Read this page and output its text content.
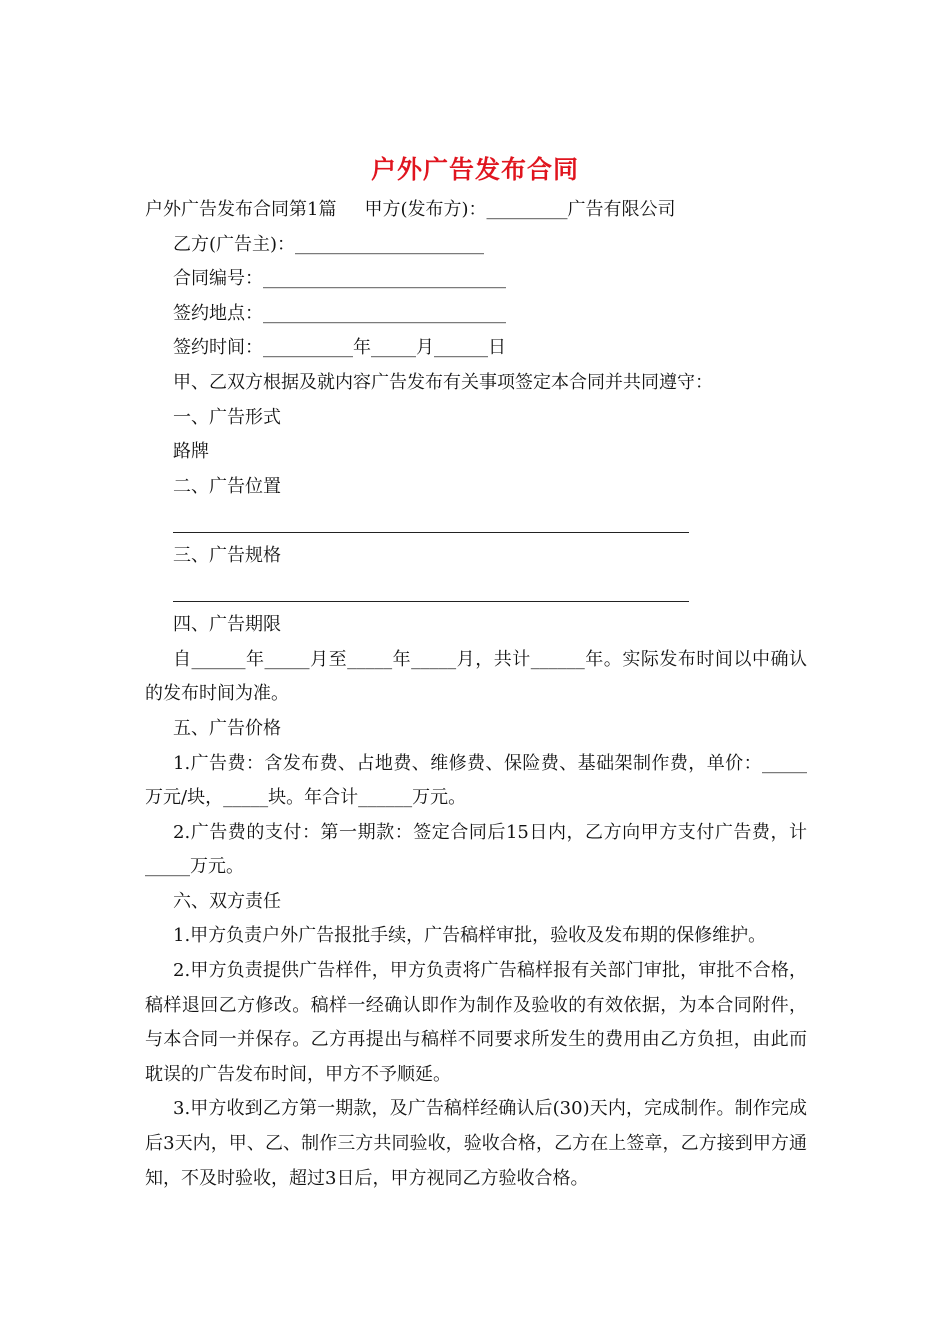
户外广告发布合同
户外广告发布合同第1篇 甲方(发布方)：_________广告有限公司
乙方(广告主)：_____________________
合同编号：___________________________
签约地点：___________________________
签约时间：__________年_____月______日
甲、乙双方根据及就内容广告发布有关事项签定本合同并共同遵守：
一、广告形式
路牌
二、广告位置
三、广告规格
四、广告期限
自______年_____月至_____年_____月，共计______年。实际发布时间以中确认的发布时间为准。
五、广告价格
1.广告费：含发布费、占地费、维修费、保险费、基础架制作费，单价：_____万元/块，_____块。年合计______万元。
2.广告费的支付：第一期款：签定合同后15日内，乙方向甲方支付广告费，计_____万元。
六、双方责任
1.甲方负责户外广告报批手续，广告稿样审批，验收及发布期的保修维护。
2.甲方负责提供广告样件，甲方负责将广告稿样报有关部门审批，审批不合格，稿样退回乙方修改。稿样一经确认即作为制作及验收的有效依据，为本合同附件，与本合同一并保存。乙方再提出与稿样不同要求所发生的费用由乙方负担，由此而耽误的广告发布时间，甲方不予顺延。
3.甲方收到乙方第一期款，及广告稿样经确认后(30)天内，完成制作。制作完成后3天内，甲、乙、制作三方共同验收，验收合格，乙方在上签章，乙方接到甲方通知，不及时验收，超过3日后，甲方视同乙方验收合格。
